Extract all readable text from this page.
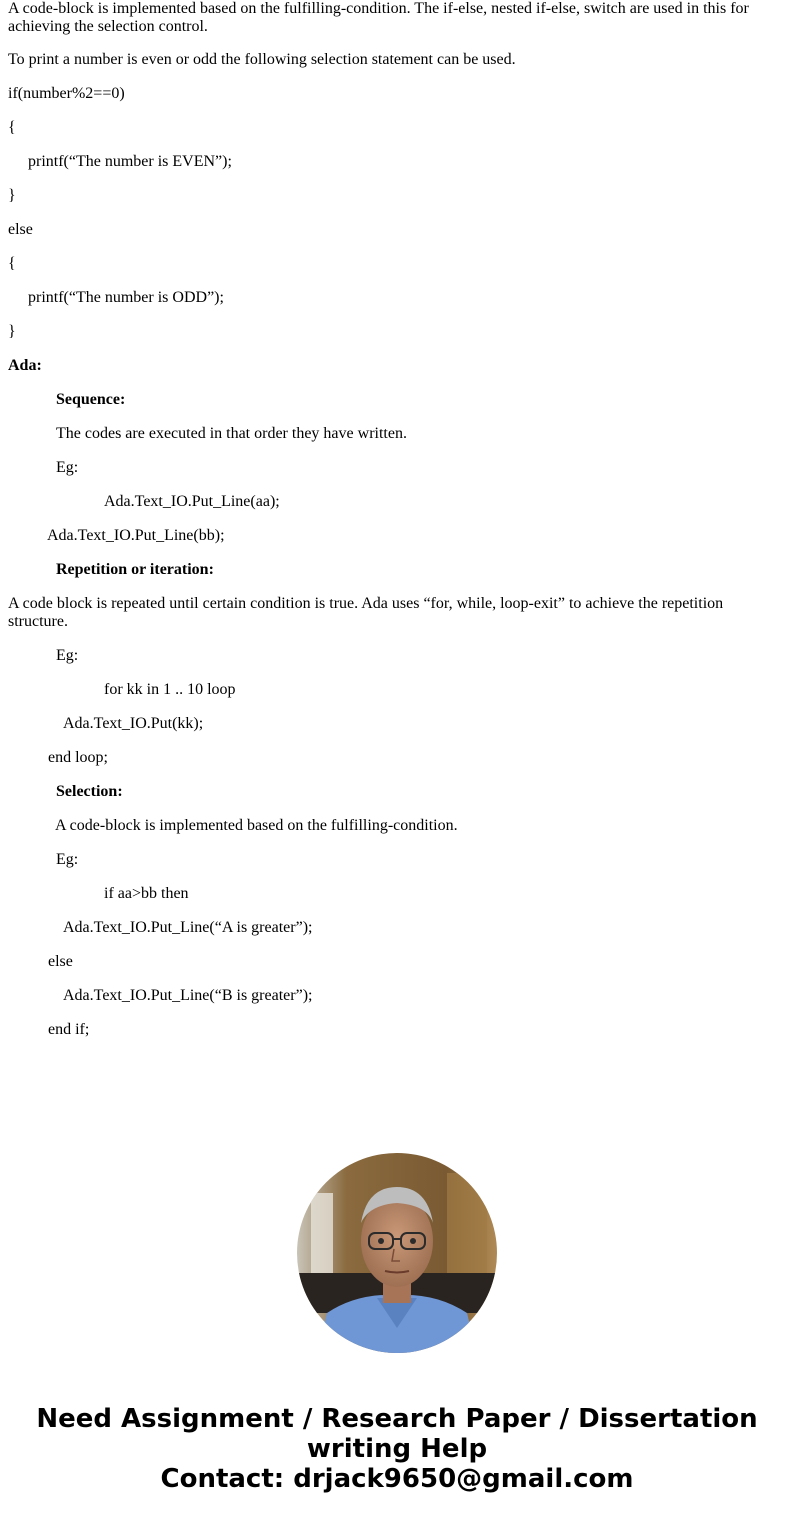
A code-block is implemented based on the fulfilling-condition. The if-else, nested if-else, switch are used in this for achieving the selection control.
To print a number is even or odd the following selection statement can be used.
if(number%2==0)
{
printf(“The number is EVEN”);
}
else
{
printf(“The number is ODD”);
}
Ada:
Sequence:
The codes are executed in that order they have written.
Eg:
Ada.Text_IO.Put_Line(aa);
Ada.Text_IO.Put_Line(bb);
Repetition or iteration:
A code block is repeated until certain condition is true. Ada uses “for, while, loop-exit” to achieve the repetition structure.
Eg:
for kk in 1 .. 10 loop
Ada.Text_IO.Put(kk);
end loop;
Selection:
A code-block is implemented based on the fulfilling-condition.
Eg:
if aa>bb then
Ada.Text_IO.Put_Line(“A is greater”);
else
Ada.Text_IO.Put_Line(“B is greater”);
end if;
Need Assignment / Research Paper / Dissertation
writing Help
Contact: drjack9650@gmail.com
